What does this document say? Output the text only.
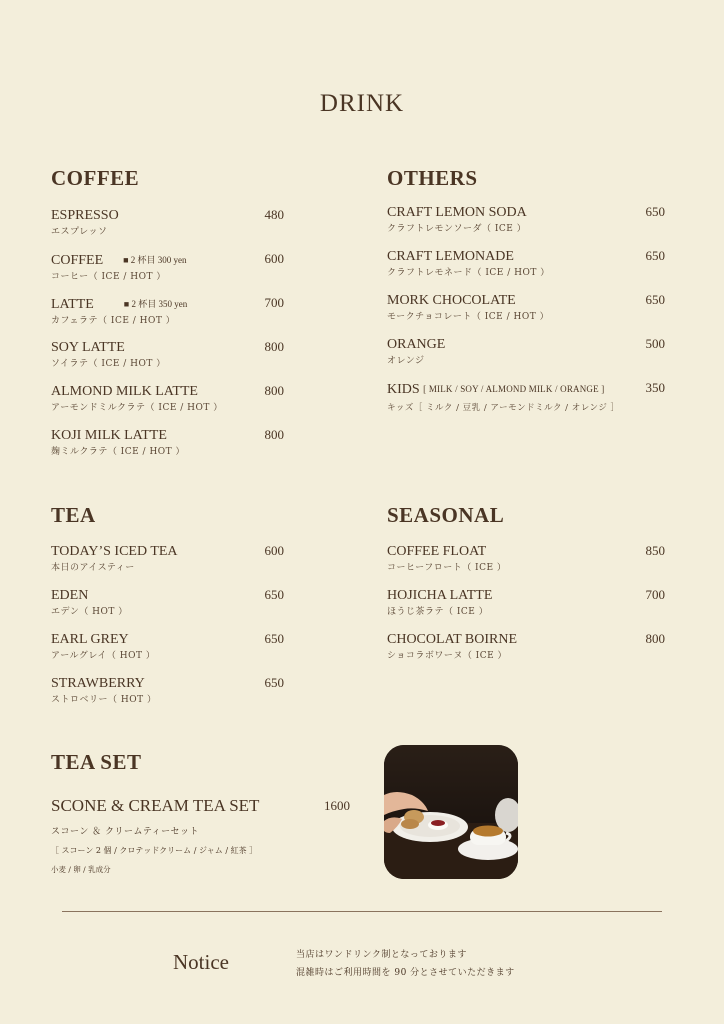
DRINK
COFFEE
ESPRESSO
エスプレッソ
480
COFFEE ■ 2 杯目 300 yen
コーヒー（ ICE / HOT ）
600
LATTE	■ 2 杯目 350 yen
カフェラテ（ ICE / HOT ）
700
SOY LATTE
ソイラテ（ ICE / HOT ）
800
ALMOND MILK LATTE
アーモンドミルクラテ（ ICE / HOT ）
800
KOJI MILK LATTE
麹ミルクラテ（ ICE / HOT ）
800
OTHERS
CRAFT LEMON SODA
クラフトレモンソーダ（ ICE ）
650
CRAFT LEMONADE
クラフトレモネード（ ICE / HOT ）
650
MORK CHOCOLATE
モークチョコレート（ ICE / HOT ）
650
ORANGE
オレンジ
500
KIDS [ MILK / SOY / ALMOND MILK / ORANGE ]
キッズ［ ミルク / 豆乳 / アーモンドミルク / オレンジ ］
350
TEA
TODAY’S ICED TEA
本日のアイスティー
600
EDEN
エデン（ HOT ）
650
EARL GREY
アールグレイ（ HOT ）
650
STRAWBERRY
ストロベリー（ HOT ）
650
SEASONAL
COFFEE FLOAT
コーヒーフロート（ ICE ）
850
HOJICHA LATTE
ほうじ茶ラテ（ ICE ）
700
CHOCOLAT BOIRNE
ショコラボワーヌ（ ICE ）
800
TEA SET
SCONE & CREAM TEA SET	1600
スコーン ＆ クリームティーセット
［ スコーン 2 個 / クロテッドクリーム / ジャム / 紅茶 ］
小麦 / 卵 / 乳成分
Notice	当店はワンドリンク制となっております
混雑時はご利用時間を 90 分とさせていただきます
